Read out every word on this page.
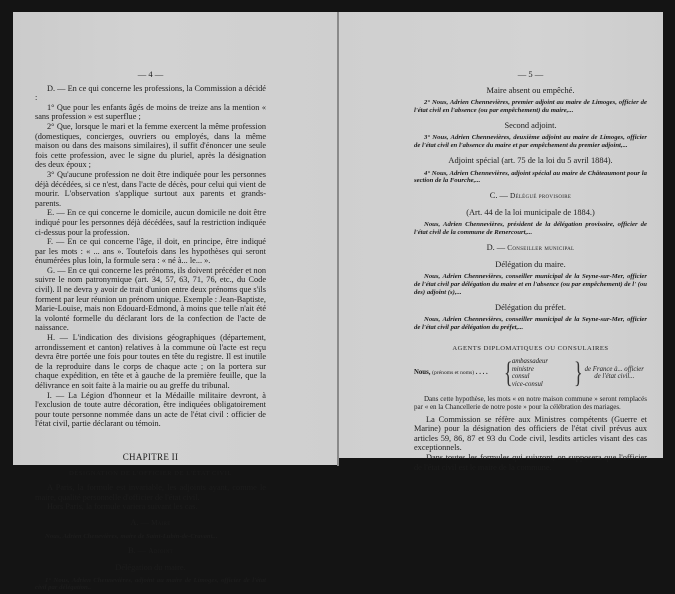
— 4 —

D. — En ce qui concerne les professions, la Commission a décidé :

1° Que pour les enfants âgés de moins de treize ans la mention « sans profession » est superflue ;

2° Que, lorsque le mari et la femme exercent la même profession (domestiques, concierges, ouvriers ou employés, dans la même maison ou dans des maisons similaires), il suffit d'énoncer une seule fois cette profession, avec le signe du pluriel, après la désignation des deux époux ;

3° Qu'aucune profession ne doit être indiquée pour les personnes déjà décédées, si ce n'est, dans l'acte de décès, pour celui qui vient de mourir. L'observation s'applique surtout aux parents et grands-parents.

E. — En ce qui concerne le domicile, aucun domicile ne doit être indiqué pour les personnes déjà décédées, sauf la restriction indiquée ci-dessus pour la profession.

F. — En ce qui concerne l'âge, il doit, en principe, être indiqué par les mots : « ... ans ». Toutefois dans les hypothèses qui seront énumérées plus loin, la formule sera : « né à... le... ».

G. — En ce qui concerne les prénoms, ils doivent précéder et non suivre le nom patronymique (art. 34, 57, 63, 71, 76, etc., du Code civil). Il ne devra y avoir de trait d'union entre deux prénoms que s'ils forment par leur réunion un prénom unique. Exemple : Jean-Baptiste, Marie-Louise, mais non Edouard-Edmond, à moins que telle n'ait été la volonté formelle du déclarant lors de la confection de l'acte de naissance.

H. — L'indication des divisions géographiques (département, arrondissement et canton) relatives à la commune où l'acte est reçu devra être portée une fois pour toutes en tête du registre. Il est inutile de la reproduire dans le corps de chaque acte ; on la portera sur chaque expédition, en tête et à gauche de la première feuille, que la délivrance en soit faite à la mairie ou au greffe du tribunal.

I. — La Légion d'honneur et la Médaille militaire devront, à l'exclusion de toute autre décoration, être indiquées obligatoirement pour toute personne nommée dans un acte de l'état civil : officier de l'état civil, partie déclarant ou témoin.

CHAPITRE II
DÉSIGNATION DE L'OFFICIER DE L'ÉTAT CIVIL

A Paris, la formule est invariable, les adjoints ayant, comme le maire, qualité personnelle d'officier de l'état civil.

Hors Paris, la formule variera suivant les cas.

A. — Maire

Nous, Adrien Chenevières, maire de Saint-Lubin-de-Cravant...

B. — Adjoint
Délégation du maire.

1° Nous, Adrien Chennevières, adjoint au maire de Limoges, officier de l'état civil par délégation..

— 5 —
Maire absent ou empêché.

2° Nous, Adrien Chennevières, premier adjoint au maire de Limoges, officier de l'état civil en l'absence (ou par empêchement) du maire,...

Second adjoint.

3° Nous, Adrien Chennevières, deuxième adjoint au maire de Limoges, officier de l'état civil en l'absence du maire et par empêchement du premier adjoint,...

Adjoint spécial (art. 75 de la loi du 5 avril 1884).

4° Nous, Adrien Chennevières, adjoint spécial au maire de Châteaumont pour la section de la Fourche,...

C. — Délégué provisoire
(Art. 44 de la loi municipale de 1884.)

Nous, Adrien Chennevières, président de la délégation provisoire, officier de l'état civil de la commune de Renercourt,...

D. — Conseiller municipal
Délégation du maire.

Nous, Adrien Chennevières, conseiller municipal de la Seyne-sur-Mer, officier de l'état civil par délégation du maire et en l'absence (ou par empêchement) de l' (ou des) adjoint (s),...

Délégation du préfet.

Nous, Adrien Chennevières, conseiller municipal de la Seyne-sur-Mer, officier de l'état civil par délégation du préfet,...

AGENTS DIPLOMATIQUES OU CONSULAIRES
Nous, (prénoms et noms) . . . . { ambassadeur
ministre
consul
vice-consul	} de France à... officier de l'état civil...

Dans cette hypothèse, les mots « en notre maison commune » seront remplacés par « en la Chancellerie de notre poste » pour la célébration des mariages.

La Commission se réfère aux Ministres compétents (Guerre et Marine) pour la désignation des officiers de l'état civil prévus aux articles 59, 86, 87 et 93 du Code civil, lesdits articles visant des cas exceptionnels.

Dans toutes les formules qui suivront, on supposera que l'officier de l'état civil est le maire de la commune.
